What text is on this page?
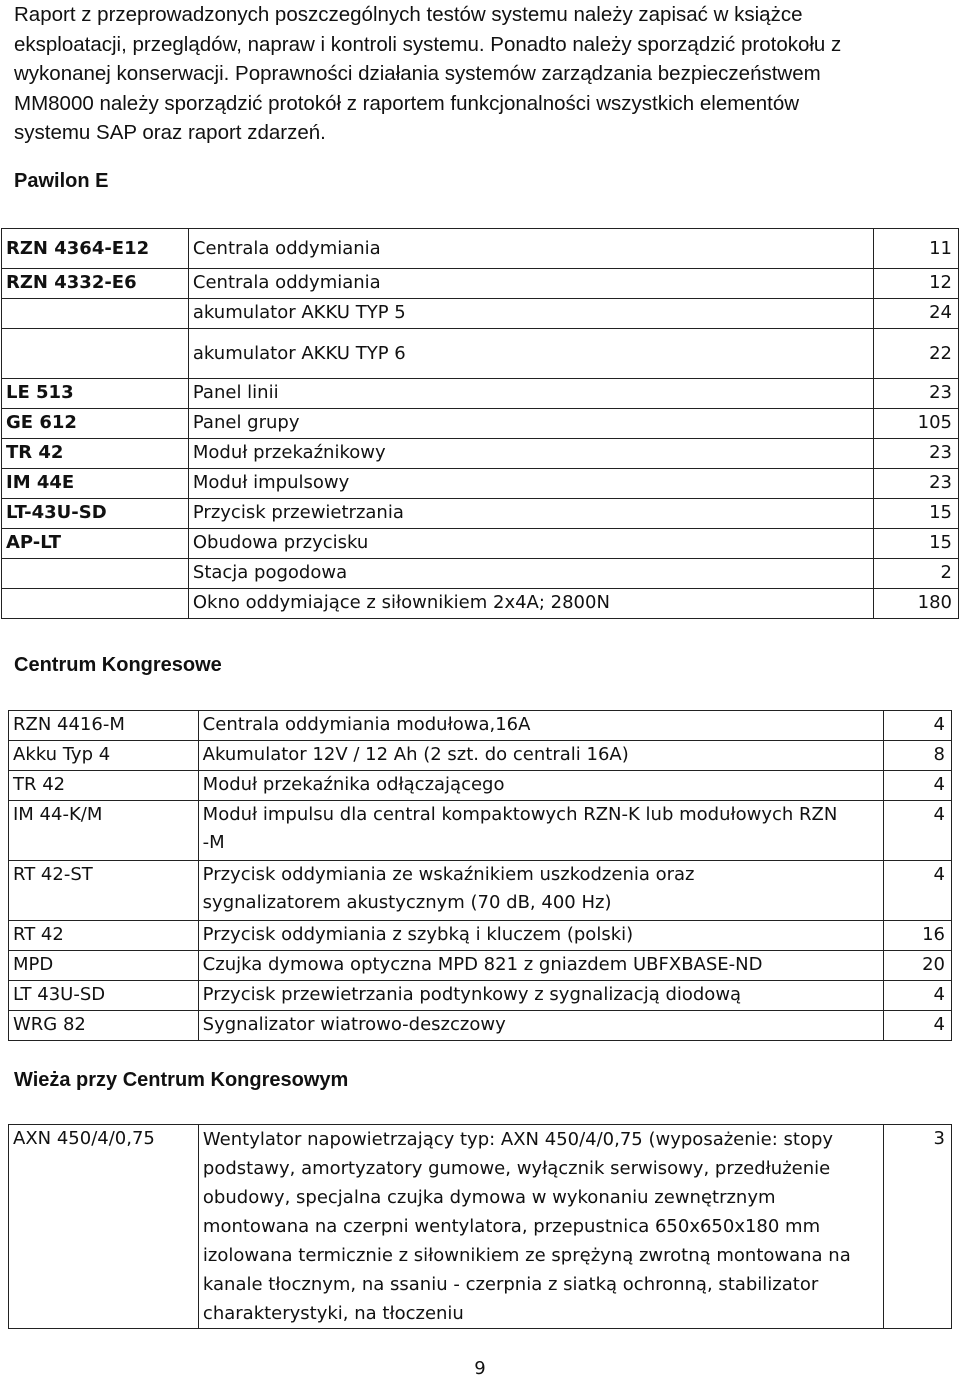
Raport z przeprowadzonych poszczególnych testów systemu należy zapisać w książce

eksploatacji, przeglądów, napraw i kontroli systemu. Ponadto należy sporządzić protokołu z

wykonanej konserwacji. Poprawności działania systemów zarządzania bezpieczeństwem

MM8000 należy sporządzić protokół z raportem funkcjonalności wszystkich elementów

systemu SAP oraz raport zdarzeń.

Pawilon E
RZN 4364-E12	Centrala oddymiania	11
RZN 4332-E6	Centrala oddymiania	12
	akumulator AKKU TYP 5	24
	akumulator AKKU TYP 6	22
LE 513	Panel linii	23
GE 612	Panel grupy	105
TR 42	Moduł przekaźnikowy	23
IM 44E	Moduł impulsowy	23
LT-43U-SD	Przycisk przewietrzania	15
AP-LT	Obudowa przycisku	15
	Stacja pogodowa	2
	Okno oddymiające z siłownikiem 2x4A; 2800N	180
Centrum Kongresowe
RZN 4416-M	Centrala oddymiania modułowa,16A	4
Akku Typ 4	Akumulator 12V / 12 Ah (2 szt. do centrali 16A)	8
TR 42	Moduł przekaźnika odłączającego	4
IM 44-K/M	Moduł impulsu dla central kompaktowych RZN-K lub modułowych RZN -M	4
RT 42-ST	Przycisk oddymiania ze wskaźnikiem uszkodzenia oraz sygnalizatorem akustycznym (70 dB, 400 Hz)	4
RT 42	Przycisk oddymiania z szybką i kluczem (polski)	16
MPD	Czujka dymowa optyczna MPD 821 z gniazdem UBFXBASE-ND	20
LT 43U-SD	Przycisk przewietrzania podtynkowy z sygnalizacją diodową	4
WRG 82	Sygnalizator wiatrowo-deszczowy	4
Wieża przy Centrum Kongresowym
AXN 450/4/0,75	Wentylator napowietrzający typ: AXN 450/4/0,75 (wyposażenie: stopy podstawy, amortyzatory gumowe, wyłącznik serwisowy, przedłużenie obudowy, specjalna czujka dymowa w wykonaniu zewnętrznym montowana na czerpni wentylatora, przepustnica 650x650x180 mm izolowana termicznie z siłownikiem ze sprężyną zwrotną montowana na kanale tłocznym, na ssaniu - czerpnia z siatką ochronną, stabilizator charakterystyki, na tłoczeniu	3
9
